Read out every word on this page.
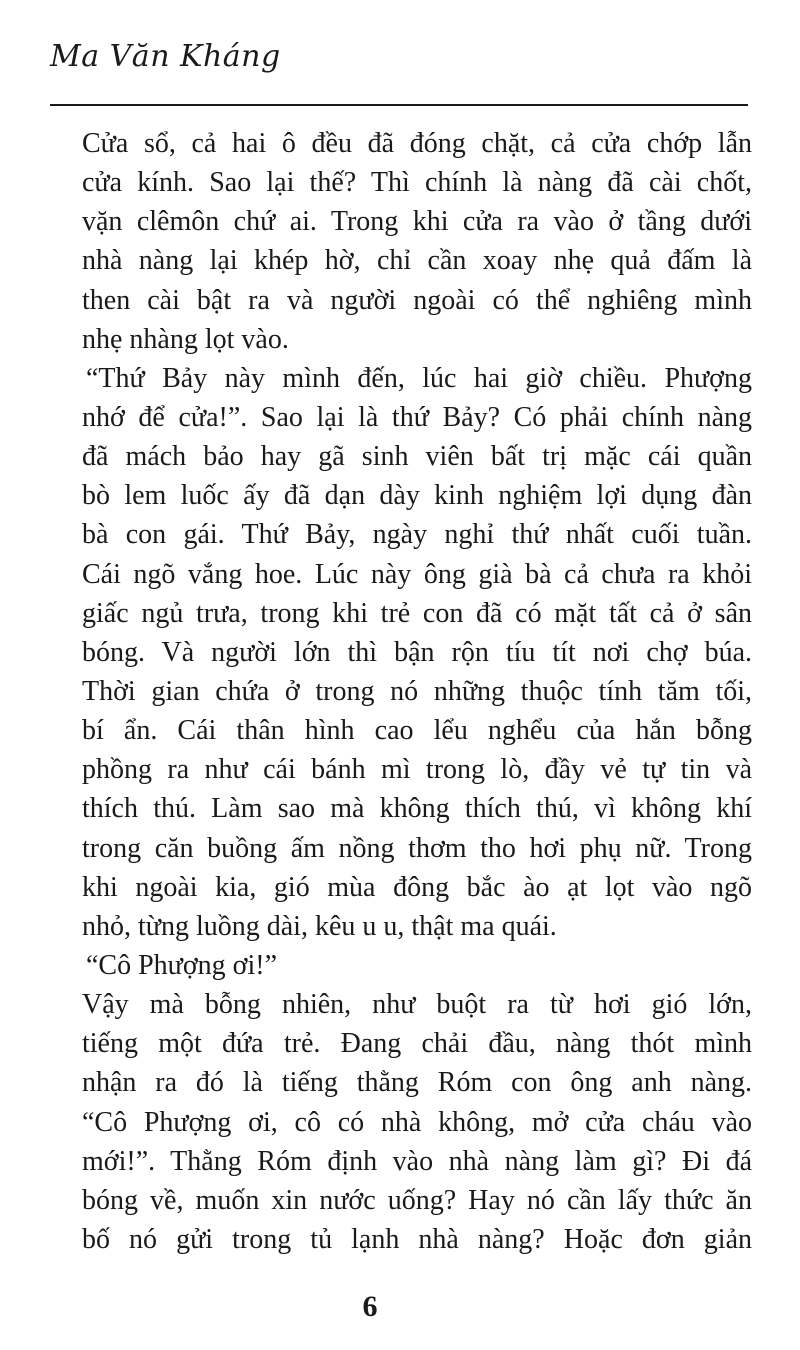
Ma Văn Kháng
Cửa sổ, cả hai ô đều đã đóng chặt, cả cửa chớp lẫn
cửa kính. Sao lại thế? Thì chính là nàng đã cài chốt,
vặn clêmôn chứ ai. Trong khi cửa ra vào ở tầng dưới
nhà nàng lại khép hờ, chỉ cần xoay nhẹ quả đấm là
then cài bật ra và người ngoài có thể nghiêng mình
nhẹ nhàng lọt vào.
“Thứ Bảy này mình đến, lúc hai giờ chiều. Phượng
nhớ để cửa!”. Sao lại là thứ Bảy? Có phải chính nàng
đã mách bảo hay gã sinh viên bất trị mặc cái quần
bò lem luốc ấy đã dạn dày kinh nghiệm lợi dụng đàn
bà con gái. Thứ Bảy, ngày nghỉ thứ nhất cuối tuần.
Cái ngõ vắng hoe. Lúc này ông già bà cả chưa ra khỏi
giấc ngủ trưa, trong khi trẻ con đã có mặt tất cả ở sân
bóng. Và người lớn thì bận rộn tíu tít nơi chợ búa.
Thời gian chứa ở trong nó những thuộc tính tăm tối,
bí ẩn. Cái thân hình cao lểu nghểu của hắn bỗng
phồng ra như cái bánh mì trong lò, đầy vẻ tự tin và
thích thú. Làm sao mà không thích thú, vì không khí
trong căn buồng ấm nồng thơm tho hơi phụ nữ. Trong
khi ngoài kia, gió mùa đông bắc ào ạt lọt vào ngõ
nhỏ, từng luồng dài, kêu u u, thật ma quái.
“Cô Phượng ơi!”
Vậy mà bỗng nhiên, như buột ra từ hơi gió lớn,
tiếng một đứa trẻ. Đang chải đầu, nàng thót mình
nhận ra đó là tiếng thằng Róm con ông anh nàng.
“Cô Phượng ơi, cô có nhà không, mở cửa cháu vào
mới!”. Thằng Róm định vào nhà nàng làm gì? Đi đá
bóng về, muốn xin nước uống? Hay nó cần lấy thức ăn
bố nó gửi trong tủ lạnh nhà nàng? Hoặc đơn giản
6
